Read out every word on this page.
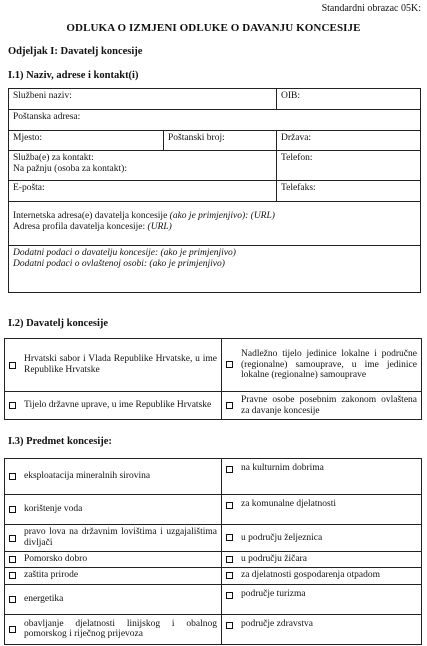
Standardni obrazac 05K:
ODLUKA O IZMJENI ODLUKE O DAVANJU KONCESIJE
Odjeljak I: Davatelj koncesije
I.1) Naziv, adrese i kontakt(i)
Službeni naziv:		OIB:
Poštanska adresa:		
Mjesto:	Poštanski broj:	Država:

Služba(e) za kontakt:
Na pažnju (osoba za kontakt):		Telefon:
E-pošta:		Telefaks:

Internetska adresa(e) davatelja koncesije (ako je primjenjivo): (URL)
Adresa profila davatelja koncesije: (URL)		

Dodatni podaci o davatelju koncesije: (ako je primjenjivo)
Dodatni podaci o ovlaštenoj osobi: (ako je primjenjivo)		
I.2) Davatelj koncesije
Hrvatski sabor i Vlada Republike Hrvatske, u ime Republike Hrvatske	Nadležno tijelo jedinice lokalne i područne (regionalne) samouprave, u ime jedinice lokalne (regionalne) samouprave

Tijelo državne uprave, u ime Republike Hrvatske	Pravne osobe posebnim zakonom ovlaštena za davanje koncesije
I.3) Predmet koncesije:
eksploatacija mineralnih sirovina	na kulturnim dobrima

korištenje voda	za komunalne djelatnosti

pravo lova na državnim lovištima i uzgajalištima divljači	u području željeznica

Pomorsko dobro	u području žičara

zaštita prirode	za djelatnosti gospodarenja otpadom

energetika	područje turizma

obavljanje djelatnosti linijskog i obalnog pomorskog i riječnog prijevoza	područje zdravstva
